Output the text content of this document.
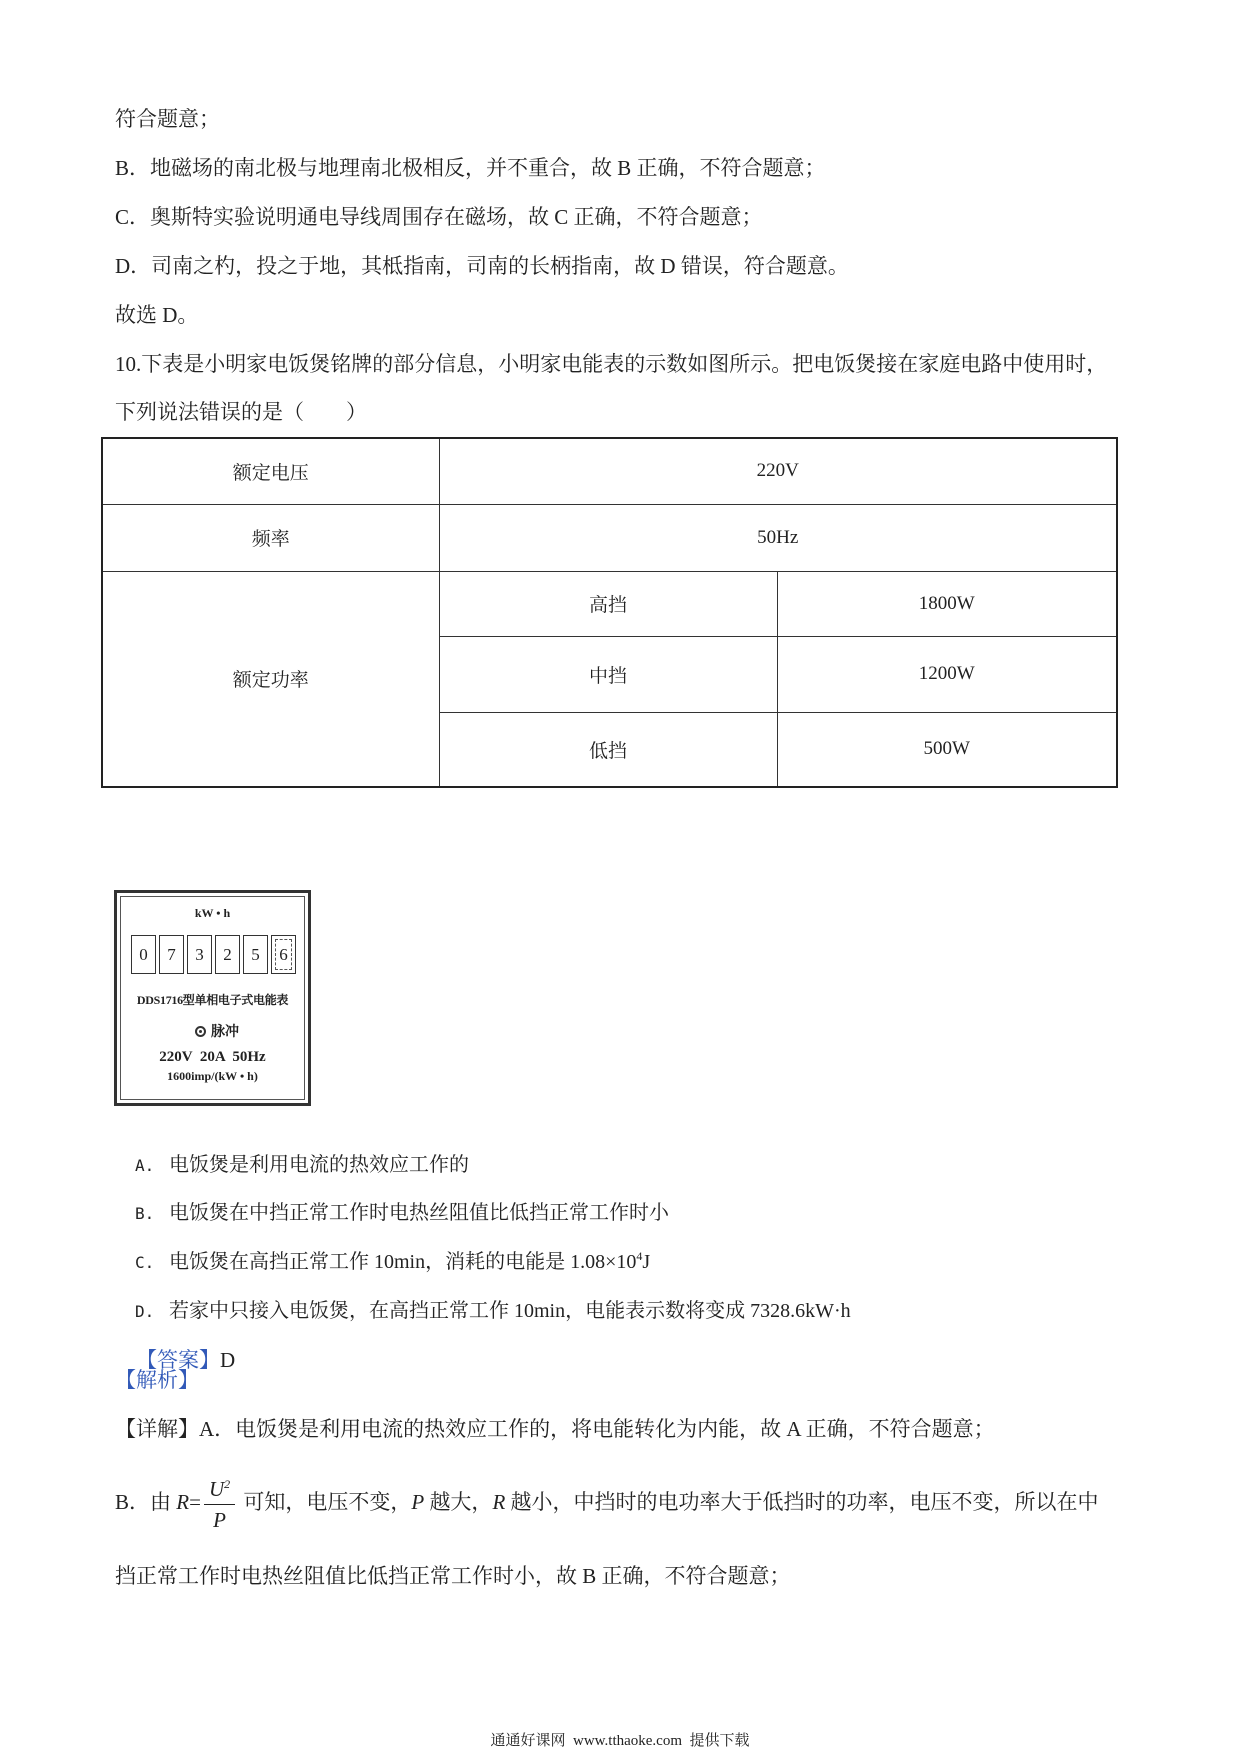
符合题意；
B．地磁场的南北极与地理南北极相反，并不重合，故 B 正确，不符合题意；
C．奥斯特实验说明通电导线周围存在磁场，故 C 正确，不符合题意；
D．司南之杓，投之于地，其柢指南，司南的长柄指南，故 D 错误，符合题意。
故选 D。
10.下表是小明家电饭煲铭牌的部分信息，小明家电能表的示数如图所示。把电饭煲接在家庭电路中使用时，
下列说法错误的是（　　）
额定电压	220V	
频率	50Hz	
额定功率	高挡	1800W
	中挡	1200W
	低挡	500W
kW • h
0	7	3	2	5	6
DDS1716型单相电子式电能表
脉冲
220V  20A  50Hz
1600imp/(kW • h)

A. 电饭煲是利用电流的热效应工作的

B. 电饭煲在中挡正常工作时电热丝阻值比低挡正常工作时小

C. 电饭煲在高挡正常工作 10min，消耗的电能是 $1.08\times 10^4J$

D. 若家中只接入电饭煲，在高挡正常工作 10min，电能表示数将变成 7328.6kW·h

【答案】D

【解析】
【详解】A．电饭煲是利用电流的热效应工作的，将电能转化为内能，故 A 正确，不符合题意；
B．由 $R= \frac{U^2}{P}$ 可知，电压不变，P 越大，R 越小，中挡时的电功率大于低挡时的功率，电压不变，所以在中
挡正常工作时电热丝阻值比低挡正常工作时小，故 B 正确，不符合题意；
通通好课网  www.tthaoke.com  提供下载
